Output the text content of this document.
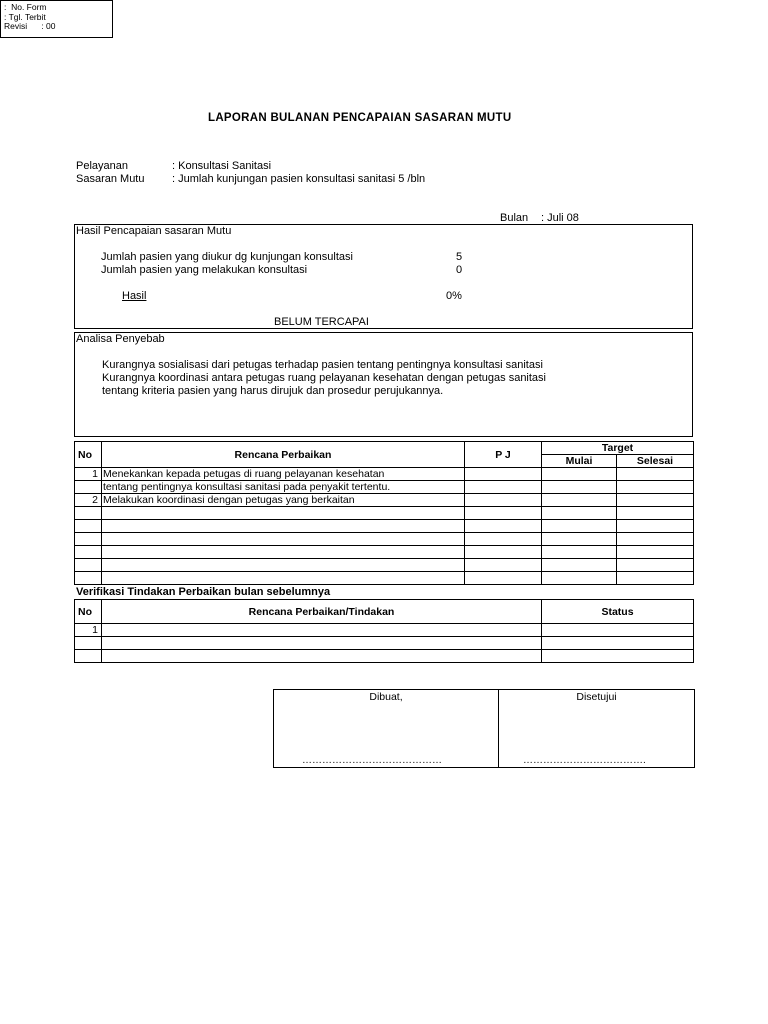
:  No. Form
: Tgl. Terbit
Revisi      : 00
LAPORAN BULANAN PENCAPAIAN SASARAN MUTU
Pelayanan	: Konsultasi Sanitasi
Sasaran Mutu	: Jumlah kunjungan pasien konsultasi sanitasi 5 /bln
Bulan : Juli 08
Hasil Pencapaian sasaran Mutu
Jumlah pasien yang diukur dg kunjungan konsultasi	5
Jumlah pasien yang melakukan konsultasi	0
Hasil	0%
BELUM TERCAPAI
Analisa Penyebab
Kurangnya sosialisasi dari petugas terhadap pasien tentang pentingnya konsultasi sanitasi
Kurangnya koordinasi antara petugas ruang pelayanan kesehatan dengan petugas sanitasi
tentang kriteria pasien yang harus dirujuk dan prosedur perujukannya.
No	Rencana Perbaikan	P J	Target	
			Mulai	Selesai
1	Menekankan kepada petugas di ruang pelayanan kesehatan			
	tentang pentingnya konsultasi sanitasi pada penyakit tertentu.			
2	Melakukan koordinasi dengan petugas yang berkaitan			

Verifikasi Tindakan Perbaikan bulan sebelumnya
No	Rencana Perbaikan/Tindakan	Status
1		

Dibuat,
……………………………………

Disetujui
……………………………….
